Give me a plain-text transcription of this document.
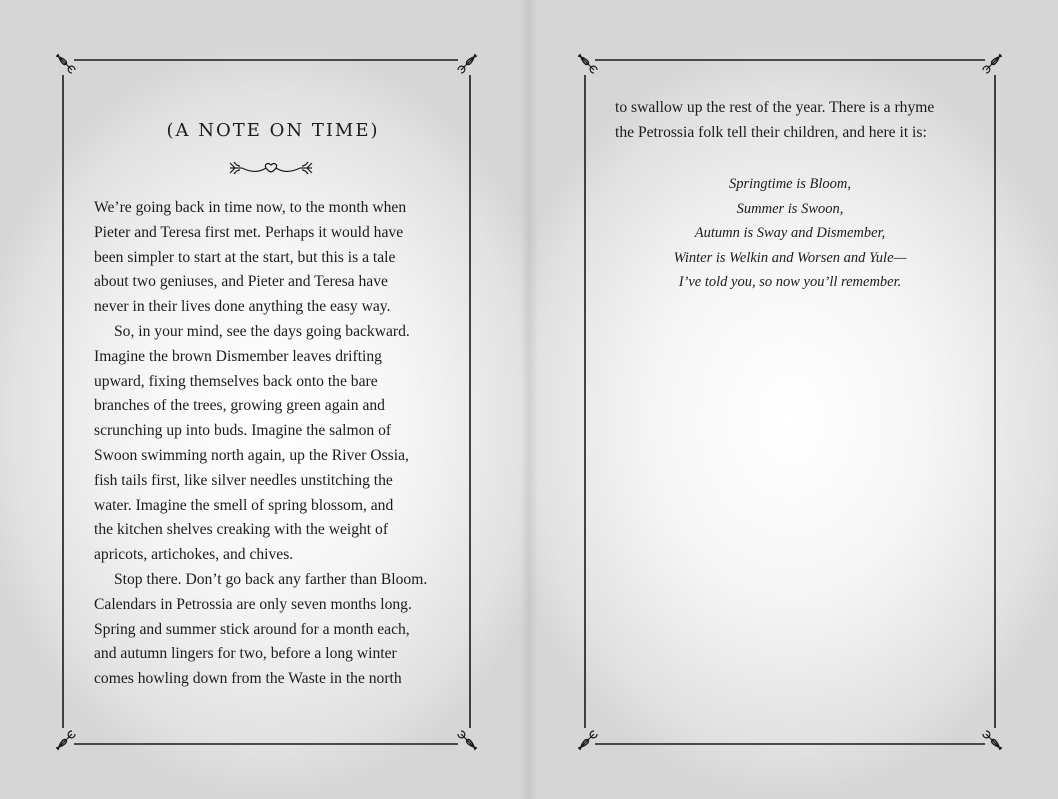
(A NOTE ON TIME)

We’re going back in time now, to the month when
Pieter and Teresa first met. Perhaps it would have
been simpler to start at the start, but this is a tale
about two geniuses, and Pieter and Teresa have
never in their lives done anything the easy way.

So, in your mind, see the days going backward.
Imagine the brown Dismember leaves drifting
upward, fixing themselves back onto the bare
branches of the trees, growing green again and
scrunching up into buds. Imagine the salmon of
Swoon swimming north again, up the River Ossia,
fish tails first, like silver needles unstitching the
water. Imagine the smell of spring blossom, and
the kitchen shelves creaking with the weight of
apricots, artichokes, and chives.

Stop there. Don’t go back any farther than Bloom.
Calendars in Petrossia are only seven months long.
Spring and summer stick around for a month each,
and autumn lingers for two, before a long winter
comes howling down from the Waste in the north

to swallow up the rest of the year. There is a rhyme
the Petrossia folk tell their children, and here it is:

Springtime is Bloom,
Summer is Swoon,
Autumn is Sway and Dismember,
Winter is Welkin and Worsen and Yule—
I’ve told you, so now you’ll remember.
